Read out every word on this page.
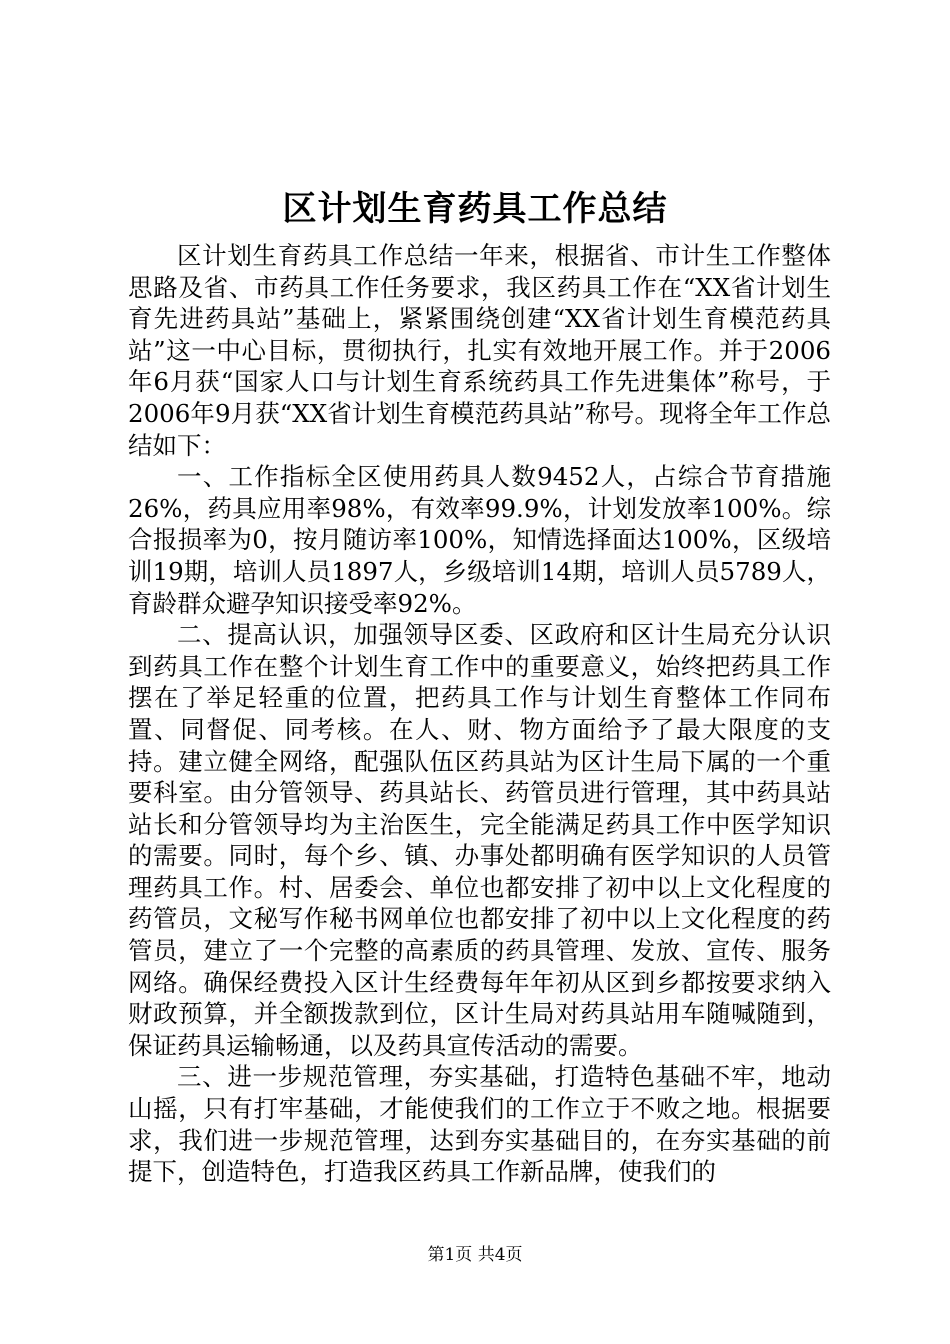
区计划生育药具工作总结

区计划生育药具工作总结一年来，根据省、市计生工作整体思路及省、市药具工作任务要求，我区药具工作在“XX省计划生育先进药具站”基础上，紧紧围绕创建“XX省计划生育模范药具站”这一中心目标，贯彻执行，扎实有效地开展工作。并于2006年6月获“国家人口与计划生育系统药具工作先进集体”称号，于2006年9月获“XX省计划生育模范药具站”称号。现将全年工作总结如下：

一、工作指标全区使用药具人数9452人，占综合节育措施26%，药具应用率98%，有效率99.9%，计划发放率100%。综合报损率为0，按月随访率100%，知情选择面达100%，区级培训19期，培训人员1897人，乡级培训14期，培训人员5789人，育龄群众避孕知识接受率92%。

二、提高认识，加强领导区委、区政府和区计生局充分认识到药具工作在整个计划生育工作中的重要意义，始终把药具工作摆在了举足轻重的位置，把药具工作与计划生育整体工作同布置、同督促、同考核。在人、财、物方面给予了最大限度的支持。建立健全网络，配强队伍区药具站为区计生局下属的一个重要科室。由分管领导、药具站长、药管员进行管理，其中药具站站长和分管领导均为主治医生，完全能满足药具工作中医学知识的需要。同时，每个乡、镇、办事处都明确有医学知识的人员管理药具工作。村、居委会、单位也都安排了初中以上文化程度的药管员，文秘写作秘书网单位也都安排了初中以上文化程度的药管员，建立了一个完整的高素质的药具管理、发放、宣传、服务网络。确保经费投入区计生经费每年年初从区到乡都按要求纳入财政预算，并全额拨款到位，区计生局对药具站用车随喊随到，保证药具运输畅通，以及药具宣传活动的需要。

三、进一步规范管理，夯实基础，打造特色基础不牢，地动山摇，只有打牢基础，才能使我们的工作立于不败之地。根据要求，我们进一步规范管理，达到夯实基础目的，在夯实基础的前提下，创造特色，打造我区药具工作新品牌，使我们的

第1页 共4页
